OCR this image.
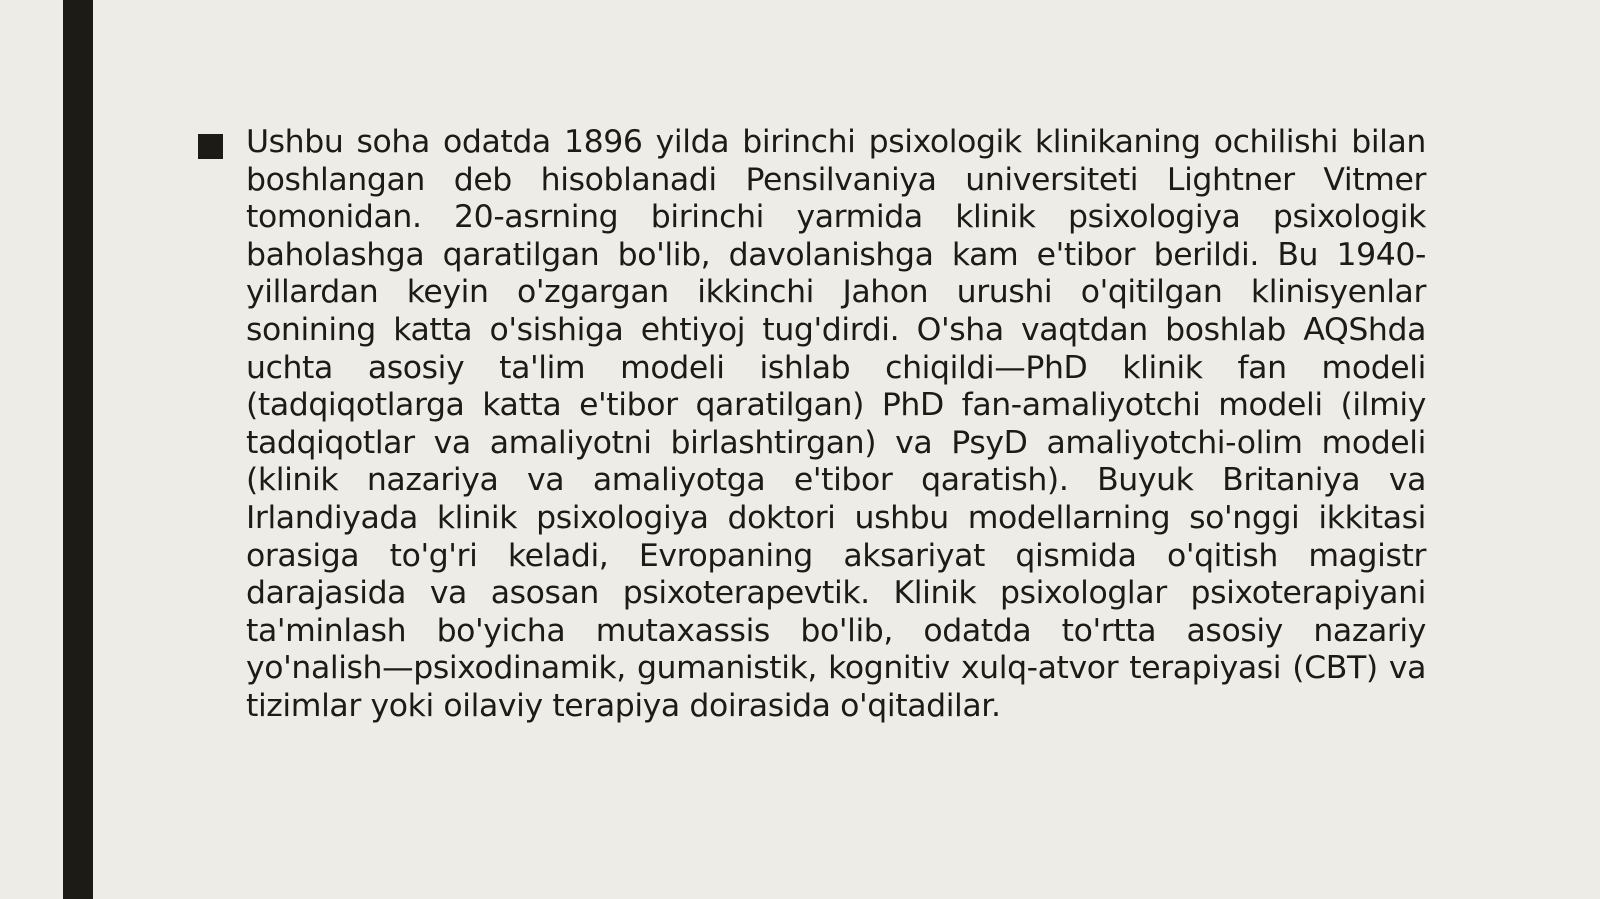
Ushbu soha odatda 1896 yilda birinchi psixologik klinikaning ochilishi bilan boshlangan deb hisoblanadi Pensilvaniya universiteti Lightner Vitmer tomonidan. 20-asrning birinchi yarmida klinik psixologiya psixologik baholashga qaratilgan bo'lib, davolanishga kam e'tibor berildi. Bu 1940-yillardan keyin o'zgargan ikkinchi Jahon urushi o'qitilgan klinisyenlar sonining katta o'sishiga ehtiyoj tug'dirdi. O'sha vaqtdan boshlab AQShda uchta asosiy ta'lim modeli ishlab chiqildi—PhD klinik fan modeli (tadqiqotlarga katta e'tibor qaratilgan) PhD fan-amaliyotchi modeli (ilmiy tadqiqotlar va amaliyotni birlashtirgan) va PsyD amaliyotchi-olim modeli (klinik nazariya va amaliyotga e'tibor qaratish). Buyuk Britaniya va Irlandiyada klinik psixologiya doktori ushbu modellarning so'nggi ikkitasi orasiga to'g'ri keladi, Evropaning aksariyat qismida o'qitish magistr darajasida va asosan psixoterapevtik. Klinik psixologlar psixoterapiyani ta'minlash bo'yicha mutaxassis bo'lib, odatda to'rtta asosiy nazariy yo'nalish—psixodinamik, gumanistik, kognitiv xulq-atvor terapiyasi (CBT) va tizimlar yoki oilaviy terapiya doirasida o'qitadilar.
